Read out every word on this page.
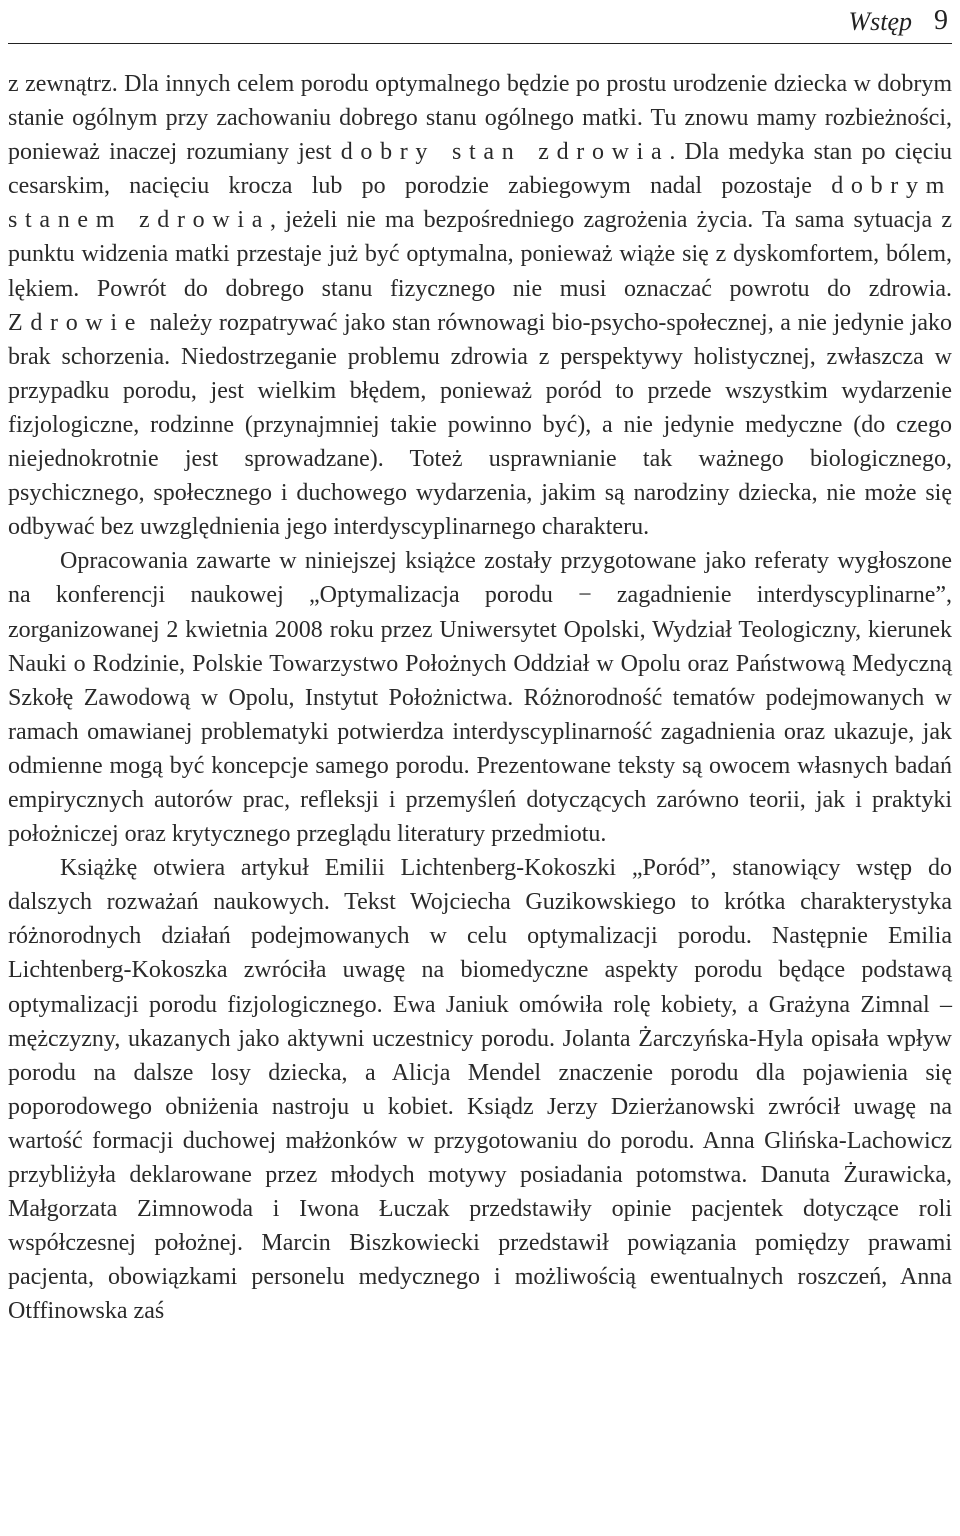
Wstęp 9

z zewnątrz. Dla innych celem porodu optymalnego będzie po prostu urodzenie dziecka w dobrym stanie ogólnym przy zachowaniu dobrego stanu ogólnego matki. Tu znowu mamy rozbieżności, ponieważ inaczej rozumiany jest dobry stan zdrowia. Dla medyka stan po cięciu cesarskim, nacięciu krocza lub po porodzie zabiegowym nadal pozostaje dobrym stanem zdrowia, jeżeli nie ma bezpośredniego zagrożenia życia. Ta sama sytuacja z punktu widzenia matki przestaje już być optymalna, ponieważ wiąże się z dyskomfortem, bólem, lękiem. Powrót do dobrego stanu fizycznego nie musi oznaczać powrotu do zdrowia. Zdrowie należy rozpatrywać jako stan równowagi bio-psycho-społecznej, a nie jedynie jako brak schorzenia. Niedostrzeganie problemu zdrowia z perspektywy holistycznej, zwłaszcza w przypadku porodu, jest wielkim błędem, ponieważ poród to przede wszystkim wydarzenie fizjologiczne, rodzinne (przynajmniej takie powinno być), a nie jedynie medyczne (do czego niejednokrotnie jest sprowadzane). Toteż usprawnianie tak ważnego biologicznego, psychicznego, społecznego i duchowego wydarzenia, jakim są narodziny dziecka, nie może się odbywać bez uwzględnienia jego interdyscyplinarnego charakteru.

Opracowania zawarte w niniejszej książce zostały przygotowane jako referaty wygłoszone na konferencji naukowej „Optymalizacja porodu − zagadnienie interdyscyplinarne”, zorganizowanej 2 kwietnia 2008 roku przez Uniwersytet Opolski, Wydział Teologiczny, kierunek Nauki o Rodzinie, Polskie Towarzystwo Położnych Oddział w Opolu oraz Państwową Medyczną Szkołę Zawodową w Opolu, Instytut Położnictwa. Różnorodność tematów podejmowanych w ramach omawianej problematyki potwierdza interdyscyplinarność zagadnienia oraz ukazuje, jak odmienne mogą być koncepcje samego porodu. Prezentowane teksty są owocem własnych badań empirycznych autorów prac, refleksji i przemyśleń dotyczących zarówno teorii, jak i praktyki położniczej oraz krytycznego przeglądu literatury przedmiotu.

Książkę otwiera artykuł Emilii Lichtenberg-Kokoszki „Poród”, stanowiący wstęp do dalszych rozważań naukowych. Tekst Wojciecha Guzikowskiego to krótka charakterystyka różnorodnych działań podejmowanych w celu optymalizacji porodu. Następnie Emilia Lichtenberg-Kokoszka zwróciła uwagę na biomedyczne aspekty porodu będące podstawą optymalizacji porodu fizjologicznego. Ewa Janiuk omówiła rolę kobiety, a Grażyna Zimnal – mężczyzny, ukazanych jako aktywni uczestnicy porodu. Jolanta Żarczyńska-Hyla opisała wpływ porodu na dalsze losy dziecka, a Alicja Mendel znaczenie porodu dla pojawienia się poporodowego obniżenia nastroju u kobiet. Ksiądz Jerzy Dzierżanowski zwrócił uwagę na wartość formacji duchowej małżonków w przygotowaniu do porodu. Anna Glińska-Lachowicz przybliżyła deklarowane przez młodych motywy posiadania potomstwa. Danuta Żurawicka, Małgorzata Zimnowoda i Iwona Łuczak przedstawiły opinie pacjentek dotyczące roli współczesnej położnej. Marcin Biszkowiecki przedstawił powiązania pomiędzy prawami pacjenta, obowiązkami personelu medycznego i możliwością ewentualnych roszczeń, Anna Otffinowska zaś
